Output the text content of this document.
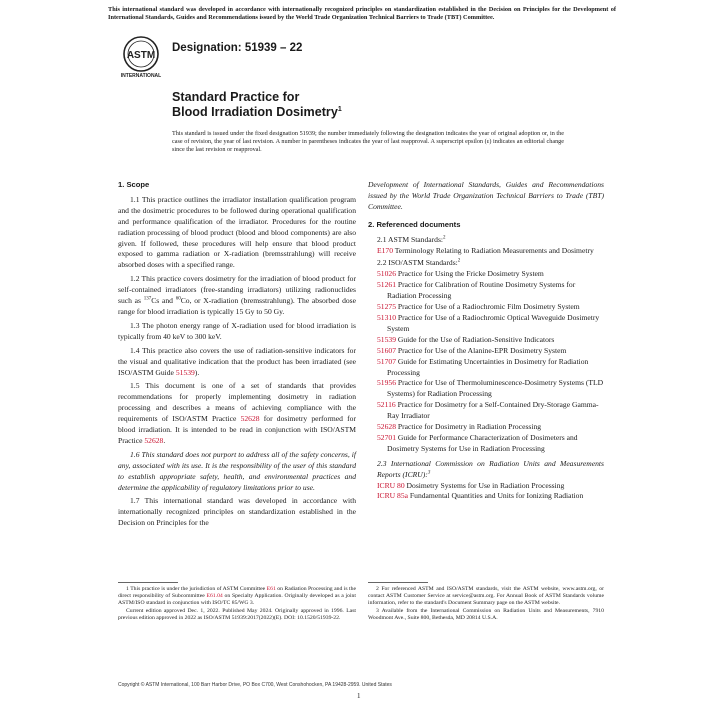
This international standard was developed in accordance with internationally recognized principles on standardization established in the Decision on Principles for the Development of International Standards, Guides and Recommendations issued by the World Trade Organization Technical Barriers to Trade (TBT) Committee.
ASTM
INTERNATIONAL
Designation: 51939 – 22
Standard Practice for
Blood Irradiation Dosimetry$^1$
This standard is issued under the fixed designation 51939; the number immediately following the designation indicates the year of original adoption or, in the case of revision, the year of last revision. A number in parentheses indicates the year of last reapproval. A superscript epsilon (ε) indicates an editorial change since the last revision or reapproval.
1. Scope

1.1 This practice outlines the irradiator installation qualification program and the dosimetric procedures to be followed during operational qualification and performance qualification of the irradiator. Procedures for the routine radiation processing of blood product (blood and blood components) are also given. If followed, these procedures will help ensure that blood product exposed to gamma radiation or X-radiation (bremsstrahlung) will receive absorbed doses with a specified range.

1.2 This practice covers dosimetry for the irradiation of blood product for self-contained irradiators (free-standing irradiators) utilizing radionuclides such as $^{137}$Cs and $^{60}$Co, or X-radiation (bremsstrahlung). The absorbed dose range for blood irradiation is typically 15 Gy to 50 Gy.

1.3 The photon energy range of X-radiation used for blood irradiation is typically from 40 keV to 300 keV.

1.4 This practice also covers the use of radiation-sensitive indicators for the visual and qualitative indication that the product has been irradiated (see ISO/ASTM Guide 51539).

1.5 This document is one of a set of standards that provides recommendations for properly implementing dosimetry in radiation processing and describes a means of achieving compliance with the requirements of ISO/ASTM Practice 52628 for dosimetry performed for blood irradiation. It is intended to be read in conjunction with ISO/ASTM Practice 52628.

1.6 This standard does not purport to address all of the safety concerns, if any, associated with its use. It is the responsibility of the user of this standard to establish appropriate safety, health, and environmental practices and determine the applicability of regulatory limitations prior to use.

1.7 This international standard was developed in accordance with internationally recognized principles on standardization established in the Decision on Principles for the

Development of International Standards, Guides and Recommendations issued by the World Trade Organization Technical Barriers to Trade (TBT) Committee.

2. Referenced documents
2.1 ASTM Standards:$^2$
E170 Terminology Relating to Radiation Measurements and Dosimetry
2.2 ISO/ASTM Standards:$^2$
51026 Practice for Using the Fricke Dosimetry System
51261 Practice for Calibration of Routine Dosimetry Systems for Radiation Processing
51275 Practice for Use of a Radiochromic Film Dosimetry System
51310 Practice for Use of a Radiochromic Optical Waveguide Dosimetry System
51539 Guide for the Use of Radiation-Sensitive Indicators
51607 Practice for Use of the Alanine-EPR Dosimetry System
51707 Guide for Estimating Uncertainties in Dosimetry for Radiation Processing
51956 Practice for Use of Thermoluminescence-Dosimetry Systems (TLD Systems) for Radiation Processing
52116 Practice for Dosimetry for a Self-Contained Dry-Storage Gamma-Ray Irradiator
52628 Practice for Dosimetry in Radiation Processing
52701 Guide for Performance Characterization of Dosimeters and Dosimetry Systems for Use in Radiation Processing
2.3 International Commission on Radiation Units and Measurements Reports (ICRU):$^3$
ICRU 80 Dosimetry Systems for Use in Radiation Processing
ICRU 85a Fundamental Quantities and Units for Ionizing Radiation

1 This practice is under the jurisdiction of ASTM Committee E61 on Radiation Processing and is the direct responsibility of Subcommittee E61.04 on Specialty Application. Originally developed as a joint ASTM/ISO standard in conjunction with ISO/TC 85/WG 3.

Current edition approved Dec. 1, 2022. Published May 2024. Originally approved in 1996. Last previous edition approved in 2022 as ISO/ASTM 51939:2017(2022)(E). DOI: 10.1520/51939-22.

2 For referenced ASTM and ISO/ASTM standards, visit the ASTM website, www.astm.org, or contact ASTM Customer Service at service@astm.org. For Annual Book of ASTM Standards volume information, refer to the standard's Document Summary page on the ASTM website.

3 Available from the International Commission on Radiation Units and Measurements, 7910 Woodmont Ave., Suite 800, Bethesda, MD 20814 U.S.A.

Copyright © ASTM International, 100 Barr Harbor Drive, PO Box C700, West Conshohocken, PA 19428-2959. United States
1
